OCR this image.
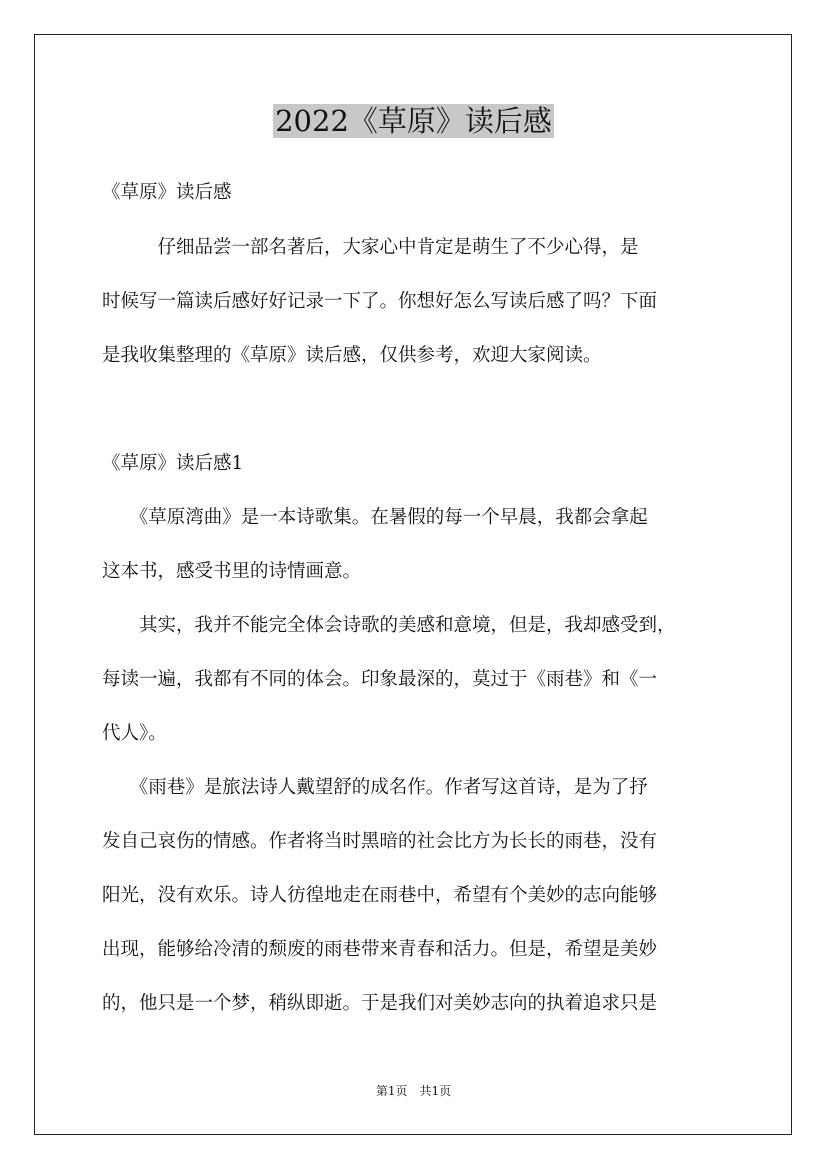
2022《草原》读后感
《草原》读后感
　　　仔细品尝一部名著后，大家心中肯定是萌生了不少心得，是
时候写一篇读后感好好记录一下了。你想好怎么写读后感了吗？下面
是我收集整理的《草原》读后感，仅供参考，欢迎大家阅读。
《草原》读后感1
　　《草原湾曲》是一本诗歌集。在暑假的每一个早晨，我都会拿起
这本书，感受书里的诗情画意。
　　其实，我并不能完全体会诗歌的美感和意境，但是，我却感受到，
每读一遍，我都有不同的体会。印象最深的，莫过于《雨巷》和《一
代人》。
　　《雨巷》是旅法诗人戴望舒的成名作。作者写这首诗，是为了抒
发自己哀伤的情感。作者将当时黑暗的社会比方为长长的雨巷，没有
阳光，没有欢乐。诗人彷徨地走在雨巷中，希望有个美妙的志向能够
出现，能够给冷清的颓废的雨巷带来青春和活力。但是，希望是美妙
的，他只是一个梦，稍纵即逝。于是我们对美妙志向的执着追求只是
第1页　共1页
